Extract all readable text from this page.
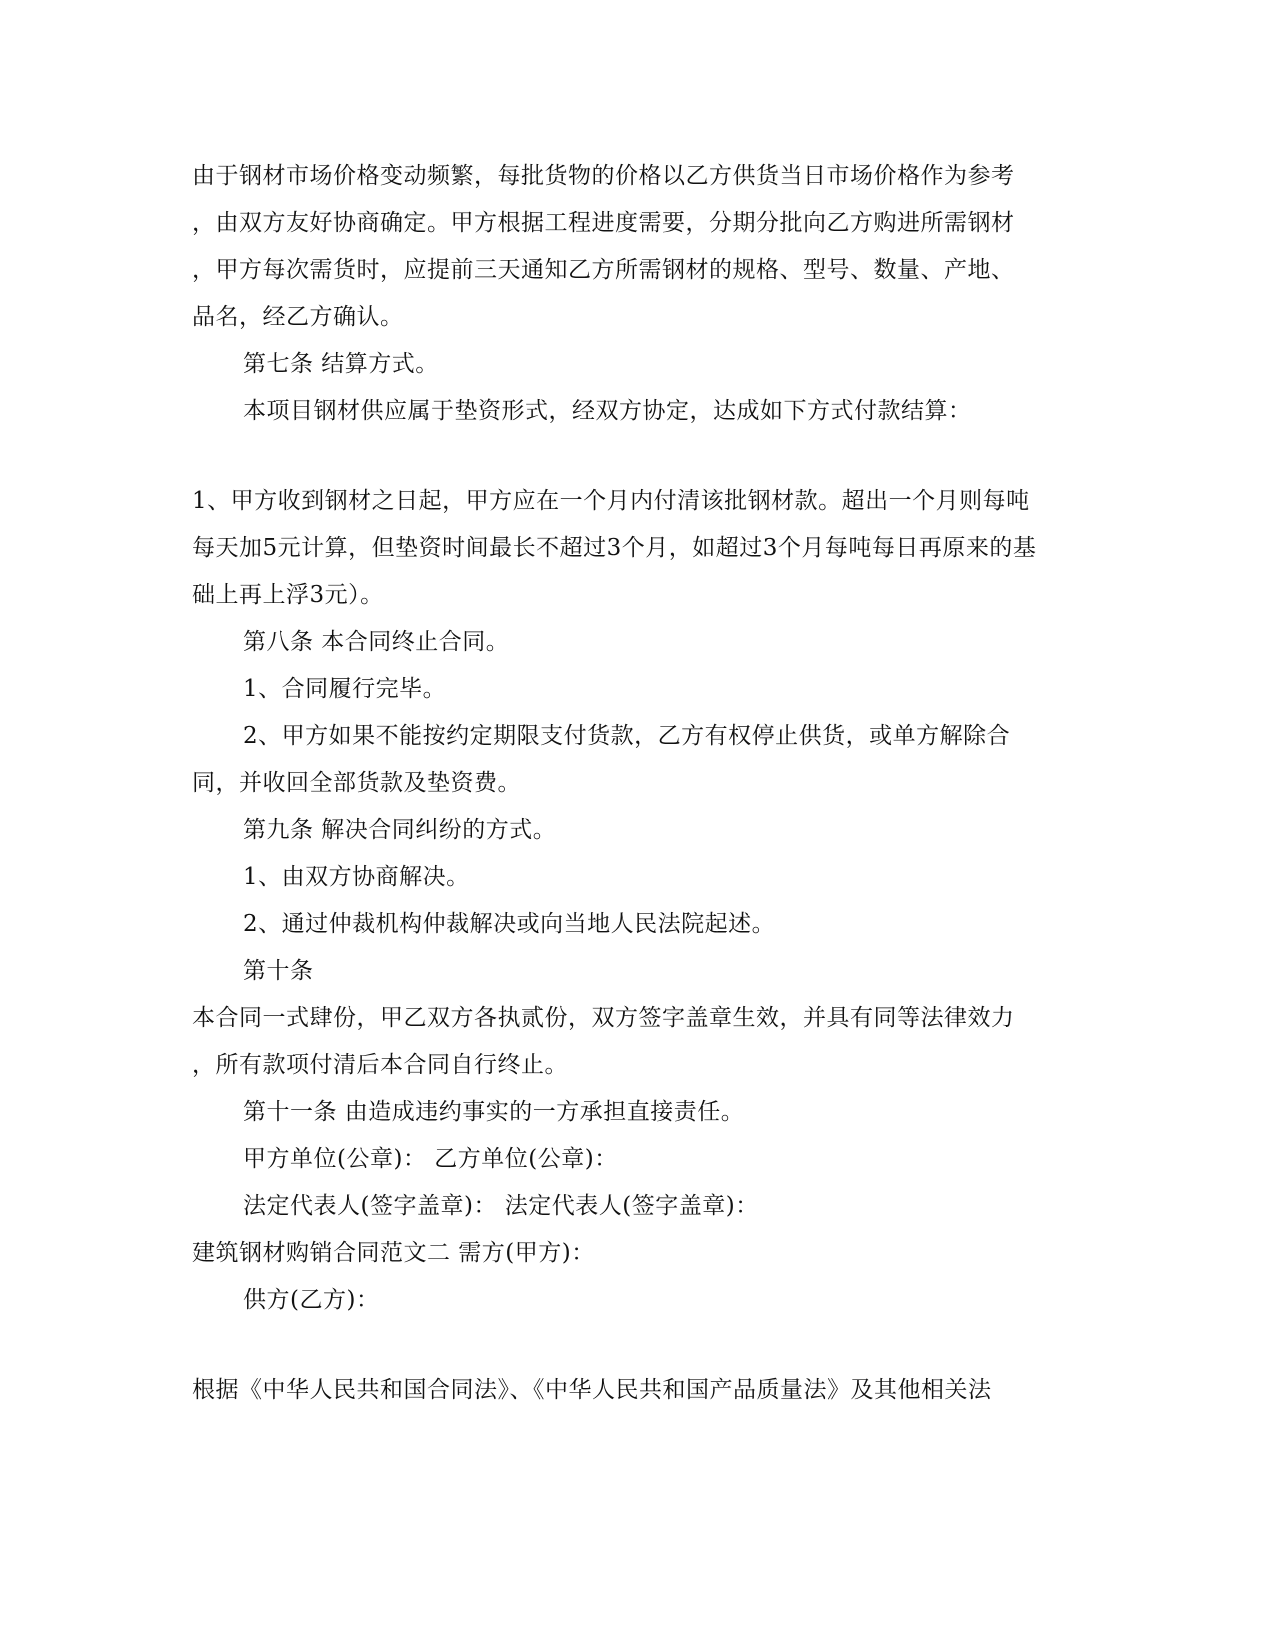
由于钢材市场价格变动频繁，每批货物的价格以乙方供货当日市场价格作为参考
，由双方友好协商确定。甲方根据工程进度需要，分期分批向乙方购进所需钢材
，甲方每次需货时，应提前三天通知乙方所需钢材的规格、型号、数量、产地、
品名，经乙方确认。
第七条 结算方式。
本项目钢材供应属于垫资形式，经双方协定，达成如下方式付款结算：
1、甲方收到钢材之日起，甲方应在一个月内付清该批钢材款。超出一个月则每吨
每天加5元计算，但垫资时间最长不超过3个月，如超过3个月每吨每日再原来的基
础上再上浮3元）。
第八条 本合同终止合同。
1、合同履行完毕。
2、甲方如果不能按约定期限支付货款，乙方有权停止供货，或单方解除合
同，并收回全部货款及垫资费。
第九条 解决合同纠纷的方式。
1、由双方协商解决。
2、通过仲裁机构仲裁解决或向当地人民法院起述。
第十条
本合同一式肆份，甲乙双方各执贰份，双方签字盖章生效，并具有同等法律效力
，所有款项付清后本合同自行终止。
第十一条 由造成违约事实的一方承担直接责任。
甲方单位(公章)： 乙方单位(公章)：
法定代表人(签字盖章)： 法定代表人(签字盖章)：
建筑钢材购销合同范文二 需方(甲方)：
供方(乙方)：
根据《中华人民共和国合同法》、《中华人民共和国产品质量法》及其他相关法
